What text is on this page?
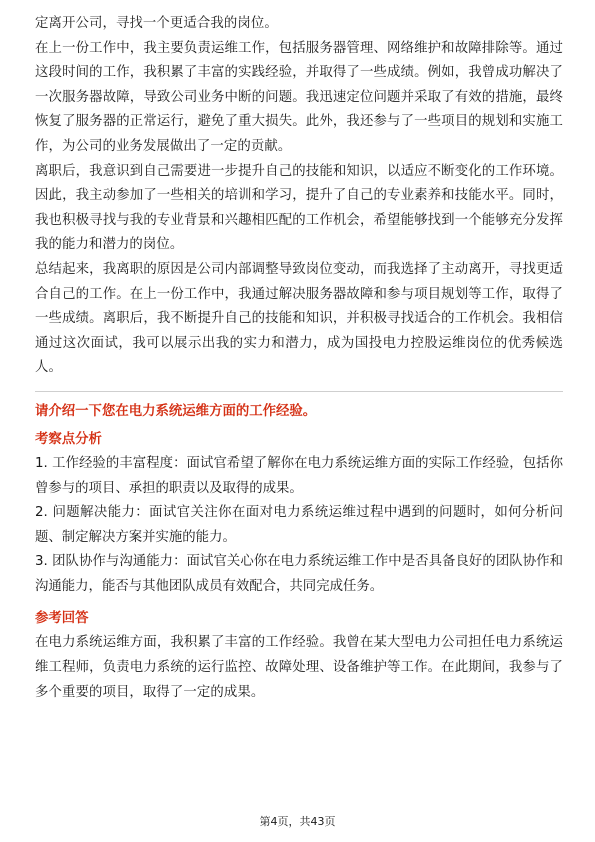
定离开公司，寻找一个更适合我的岗位。

在上一份工作中，我主要负责运维工作，包括服务器管理、网络维护和故障排除等。通过这段时间的工作，我积累了丰富的实践经验，并取得了一些成绩。例如，我曾成功解决了一次服务器故障，导致公司业务中断的问题。我迅速定位问题并采取了有效的措施，最终恢复了服务器的正常运行，避免了重大损失。此外，我还参与了一些项目的规划和实施工作，为公司的业务发展做出了一定的贡献。

离职后，我意识到自己需要进一步提升自己的技能和知识，以适应不断变化的工作环境。因此，我主动参加了一些相关的培训和学习，提升了自己的专业素养和技能水平。同时，我也积极寻找与我的专业背景和兴趣相匹配的工作机会，希望能够找到一个能够充分发挥我的能力和潜力的岗位。

总结起来，我离职的原因是公司内部调整导致岗位变动，而我选择了主动离开，寻找更适合自己的工作。在上一份工作中，我通过解决服务器故障和参与项目规划等工作，取得了一些成绩。离职后，我不断提升自己的技能和知识，并积极寻找适合的工作机会。我相信通过这次面试，我可以展示出我的实力和潜力，成为国投电力控股运维岗位的优秀候选人。

请介绍一下您在电力系统运维方面的工作经验。

考察点分析

1. 工作经验的丰富程度：面试官希望了解你在电力系统运维方面的实际工作经验，包括你曾参与的项目、承担的职责以及取得的成果。

2. 问题解决能力：面试官关注你在面对电力系统运维过程中遇到的问题时，如何分析问题、制定解决方案并实施的能力。

3. 团队协作与沟通能力：面试官关心你在电力系统运维工作中是否具备良好的团队协作和沟通能力，能否与其他团队成员有效配合，共同完成任务。

参考回答

在电力系统运维方面，我积累了丰富的工作经验。我曾在某大型电力公司担任电力系统运维工程师，负责电力系统的运行监控、故障处理、设备维护等工作。在此期间，我参与了多个重要的项目，取得了一定的成果。

第4页，共43页
